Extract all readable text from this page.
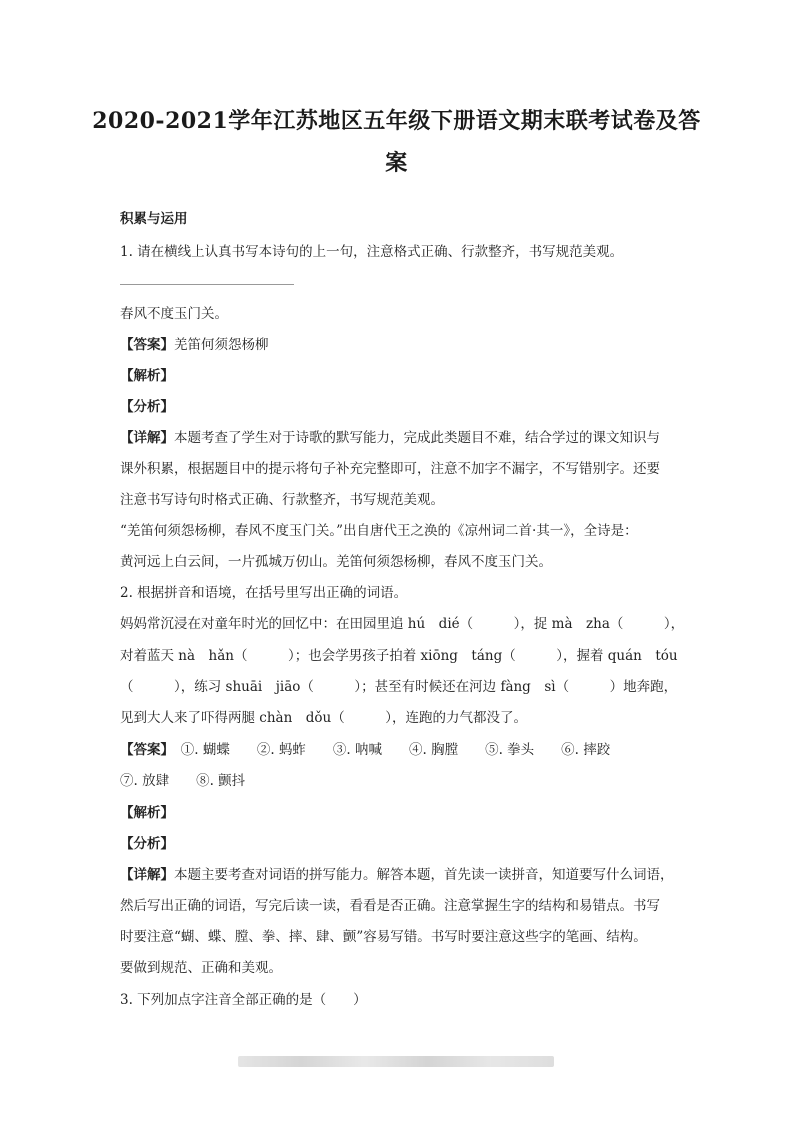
2020-2021学年江苏地区五年级下册语文期末联考试卷及答
案
积累与运用
1. 请在横线上认真书写本诗句的上一句，注意格式正确、行款整齐，书写规范美观。
春风不度玉门关。
【答案】羌笛何须怨杨柳
【解析】
【分析】
【详解】本题考查了学生对于诗歌的默写能力，完成此类题目不难，结合学过的课文知识与
课外积累，根据题目中的提示将句子补充完整即可，注意不加字不漏字，不写错别字。还要
注意书写诗句时格式正确、行款整齐，书写规范美观。
“羌笛何须怨杨柳，春风不度玉门关。”出自唐代王之涣的《凉州词二首·其一》，全诗是：
黄河远上白云间，一片孤城万仞山。羌笛何须怨杨柳，春风不度玉门关。
2. 根据拼音和语境，在括号里写出正确的词语。
妈妈常沉浸在对童年时光的回忆中：在田园里追 hú　dié（　　　），捉 mà　zha（　　　），
对着蓝天 nà　hǎn（　　　）；也会学男孩子拍着 xiōng　táng（　　　），握着 quán　tóu
（　　　），练习 shuāi　jiāo（　　　）；甚至有时候还在河边 fàng　sì（　　　）地奔跑，
见到大人来了吓得两腿 chàn　dǒu（　　　），连跑的力气都没了。
【答案】　①. 蝴蝶　　②. 蚂蚱　　③. 呐喊　　④. 胸膛　　⑤. 拳头　　⑥. 摔跤
⑦. 放肆　　⑧. 颤抖
【解析】
【分析】
【详解】本题主要考查对词语的拼写能力。解答本题，首先读一读拼音，知道要写什么词语，
然后写出正确的词语，写完后读一读，看看是否正确。注意掌握生字的结构和易错点。书写
时要注意“蝴、蝶、膛、拳、摔、肆、颤”容易写错。书写时要注意这些字的笔画、结构。
要做到规范、正确和美观。
3. 下列加点字注音全部正确的是（　　）
